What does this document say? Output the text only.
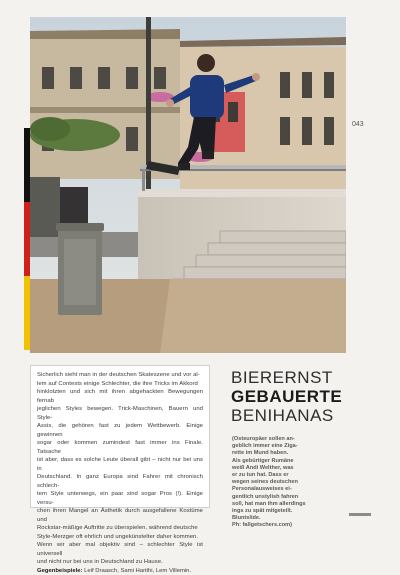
043
Sicherlich sieht man in der deutschen Skateszene und vor al-
lem auf Contests einige Schlechter, die ihre Tricks im Akkord
hinklotzten und sich mit ihren abgehackten Bewegungen fernab
jeglichen Styles bewegen. Trick-Maschinen, Bauern und Style-
Assis, die gehören fast zu jedem Wettbewerb. Einige gewinnen
sogar oder kommen zumindest fast immer ins Finale. Tatsache
ist aber, dass es solche Leute überall gibt – nicht nur bei uns in
Deutschland. In ganz Europa sind Fahrer mit chronisch schlech-
tem Style unterwegs, ein paar sind sogar Pros (!). Einige versu-
chen ihren Mangel an Ästhetik durch ausgefallene Kostüme und
Rockstar-mäßige Auftritte zu überspielen, während deutsche
Style-Merzger oft ehrlich und ungekünstelter daher kommen.
Wenn wir aber mal objektiv sind – schlechter Style ist universell
und nicht nur bei uns in Deutschland zu Hause.

Gegenbeispiele: Leif Draasch, Sami Harithi, Lem Villemin.

BIERERNST
GEBAUERTE
BENIHANAS
(Osteuropäer sollen an-
geblich immer eine Ziga-
rette im Mund haben.
Als gebürtiger Rumäne
weiß Andi Welther, was
er zu tun hat. Dass er
wegen seines deutschen
Personalausweises ei-
gentlich unstylish fahren
soll, hat man ihm allerdings
ings zu spät mitgeteilt.
Bluntslide.
Ph: fallgetschers.com)
